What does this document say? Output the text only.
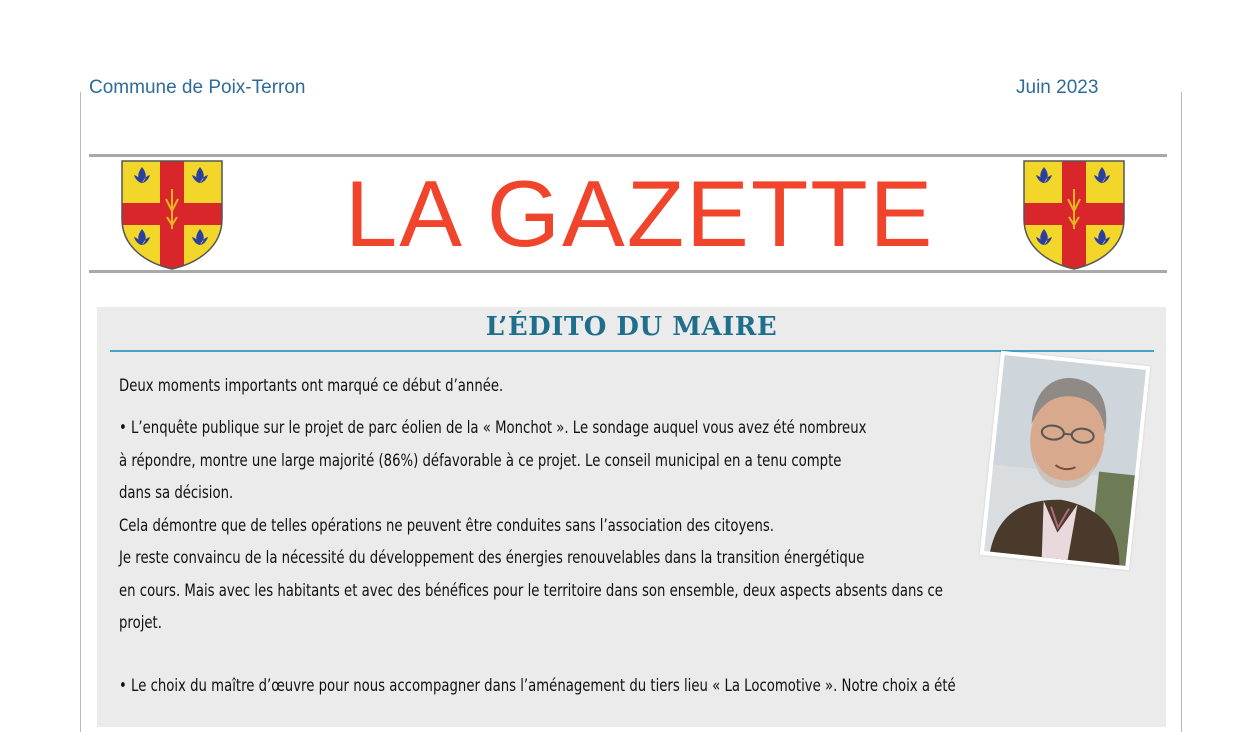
Commune de Poix-Terron	Juin 2023
LA GAZETTE
L’ÉDITO DU MAIRE
Deux moments importants ont marqué ce début d’année.
• L’enquête publique sur le projet de parc éolien de la « Monchot ». Le sondage auquel vous avez été nombreux
à répondre, montre une large majorité (86%) défavorable à ce projet. Le conseil municipal en a tenu compte
dans sa décision.
Cela démontre que de telles opérations ne peuvent être conduites sans l’association des citoyens.
Je reste convaincu de la nécessité du développement des énergies renouvelables dans la transition énergétique
en cours. Mais avec les habitants et avec des bénéfices pour le territoire dans son ensemble, deux aspects absents dans ce
projet.
• Le choix du maître d’œuvre pour nous accompagner dans l’aménagement du tiers lieu « La Locomotive ». Notre choix a été
